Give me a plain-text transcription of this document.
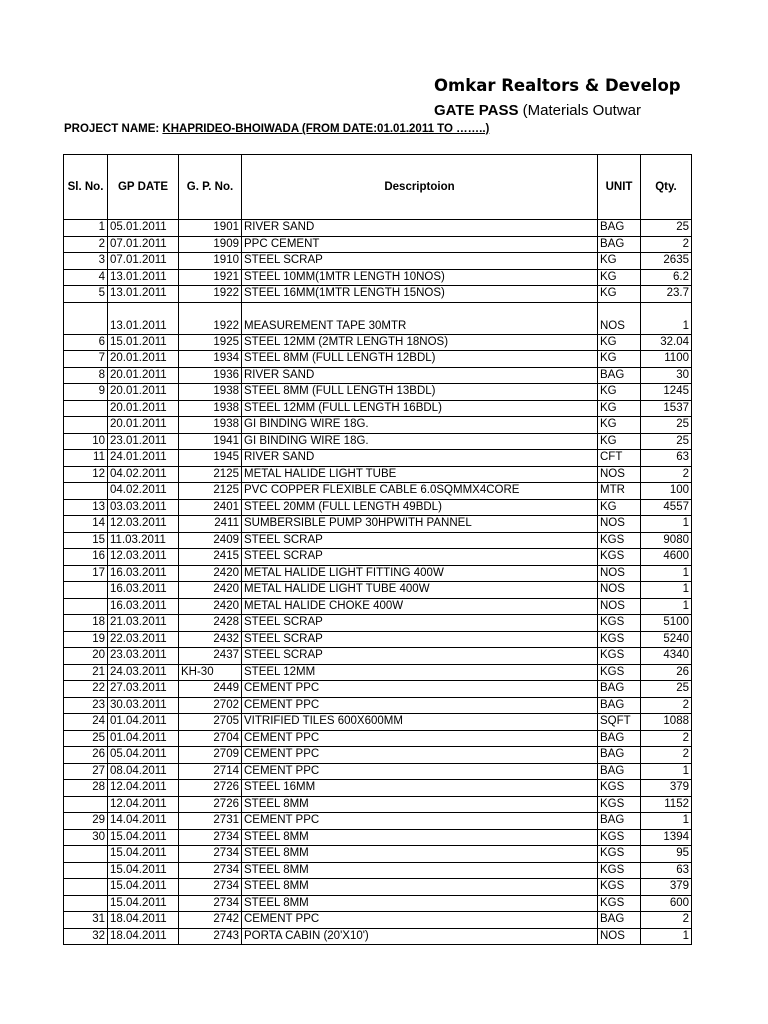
Omkar Realtors & Develop
GATE PASS (Materials Outwar
PROJECT NAME: KHAPRIDEO-BHOIWADA (FROM DATE:01.01.2011 TO ……..)
Sl. No.	GP DATE	G. P. No.	Descriptoion	UNIT	Qty.
1	05.01.2011	1901	RIVER SAND	BAG	25
2	07.01.2011	1909	PPC CEMENT	BAG	2
3	07.01.2011	1910	STEEL SCRAP	KG	2635
4	13.01.2011	1921	STEEL 10MM(1MTR LENGTH 10NOS)	KG	6.2
5	13.01.2011	1922	STEEL 16MM(1MTR LENGTH 15NOS)	KG	23.7
	13.01.2011	1922	MEASUREMENT TAPE 30MTR	NOS	1
6	15.01.2011	1925	STEEL 12MM (2MTR LENGTH 18NOS)	KG	32.04
7	20.01.2011	1934	STEEL 8MM (FULL LENGTH 12BDL)	KG	1100
8	20.01.2011	1936	RIVER SAND	BAG	30
9	20.01.2011	1938	STEEL 8MM (FULL LENGTH 13BDL)	KG	1245
	20.01.2011	1938	STEEL 12MM (FULL LENGTH 16BDL)	KG	1537
	20.01.2011	1938	GI BINDING WIRE 18G.	KG	25
10	23.01.2011	1941	GI BINDING WIRE 18G.	KG	25
11	24.01.2011	1945	RIVER SAND	CFT	63
12	04.02.2011	2125	METAL HALIDE LIGHT TUBE	NOS	2
	04.02.2011	2125	PVC COPPER FLEXIBLE CABLE 6.0SQMMX4CORE	MTR	100
13	03.03.2011	2401	STEEL 20MM (FULL LENGTH 49BDL)	KG	4557
14	12.03.2011	2411	SUMBERSIBLE PUMP 30HPWITH PANNEL	NOS	1
15	11.03.2011	2409	STEEL SCRAP	KGS	9080
16	12.03.2011	2415	STEEL SCRAP	KGS	4600
17	16.03.2011	2420	METAL HALIDE LIGHT FITTING 400W	NOS	1
	16.03.2011	2420	METAL HALIDE LIGHT TUBE 400W	NOS	1
	16.03.2011	2420	METAL HALIDE CHOKE 400W	NOS	1
18	21.03.2011	2428	STEEL SCRAP	KGS	5100
19	22.03.2011	2432	STEEL SCRAP	KGS	5240
20	23.03.2011	2437	STEEL SCRAP	KGS	4340
21	24.03.2011	KH-30	STEEL 12MM	KGS	26
22	27.03.2011	2449	CEMENT PPC	BAG	25
23	30.03.2011	2702	CEMENT PPC	BAG	2
24	01.04.2011	2705	VITRIFIED TILES 600X600MM	SQFT	1088
25	01.04.2011	2704	CEMENT PPC	BAG	2
26	05.04.2011	2709	CEMENT PPC	BAG	2
27	08.04.2011	2714	CEMENT PPC	BAG	1
28	12.04.2011	2726	STEEL 16MM	KGS	379
	12.04.2011	2726	STEEL 8MM	KGS	1152
29	14.04.2011	2731	CEMENT PPC	BAG	1
30	15.04.2011	2734	STEEL 8MM	KGS	1394
	15.04.2011	2734	STEEL 8MM	KGS	95
	15.04.2011	2734	STEEL 8MM	KGS	63
	15.04.2011	2734	STEEL 8MM	KGS	379
	15.04.2011	2734	STEEL 8MM	KGS	600
31	18.04.2011	2742	CEMENT PPC	BAG	2
32	18.04.2011	2743	PORTA CABIN (20'X10')	NOS	1
